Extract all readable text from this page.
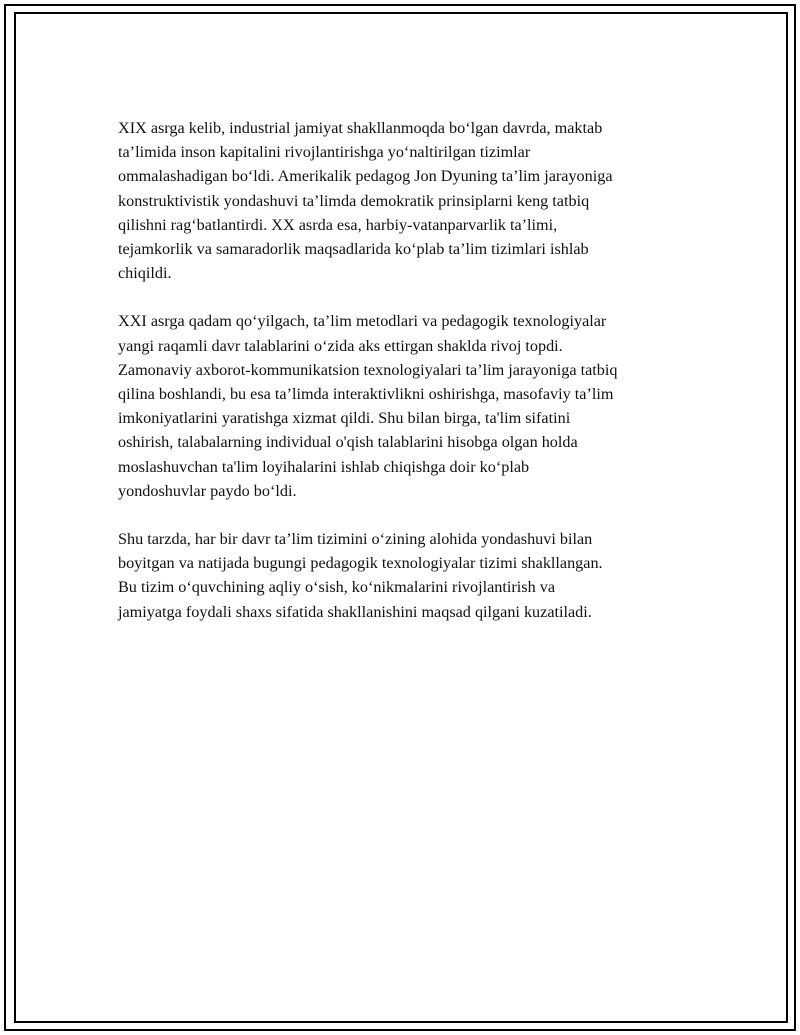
XIX asrga kelib, industrial jamiyat shakllanmoqda bo‘lgan davrda, maktab
ta’limida inson kapitalini rivojlantirishga yo‘naltirilgan tizimlar
ommalashadigan bo‘ldi. Amerikalik pedagog Jon Dyuning ta’lim jarayoniga
konstruktivistik yondashuvi ta’limda demokratik prinsiplarni keng tatbiq
qilishni rag‘batlantirdi. XX asrda esa, harbiy-vatanparvarlik ta’limi,
tejamkorlik va samaradorlik maqsadlarida ko‘plab ta’lim tizimlari ishlab
chiqildi.

XXI asrga qadam qo‘yilgach, ta’lim metodlari va pedagogik texnologiyalar
yangi raqamli davr talablarini o‘zida aks ettirgan shaklda rivoj topdi.
Zamonaviy axborot-kommunikatsion texnologiyalari ta’lim jarayoniga tatbiq
qilina boshlandi, bu esa ta’limda interaktivlikni oshirishga, masofaviy ta’lim
imkoniyatlarini yaratishga xizmat qildi. Shu bilan birga, ta'lim sifatini
oshirish, talabalarning individual o'qish talablarini hisobga olgan holda
moslashuvchan ta'lim loyihalarini ishlab chiqishga doir ko‘plab
yondoshuvlar paydo bo‘ldi.

Shu tarzda, har bir davr ta’lim tizimini o‘zining alohida yondashuvi bilan
boyitgan va natijada bugungi pedagogik texnologiyalar tizimi shakllangan.
Bu tizim o‘quvchining aqliy o‘sish, ko‘nikmalarini rivojlantirish va
jamiyatga foydali shaxs sifatida shakllanishini maqsad qilgani kuzatiladi.
